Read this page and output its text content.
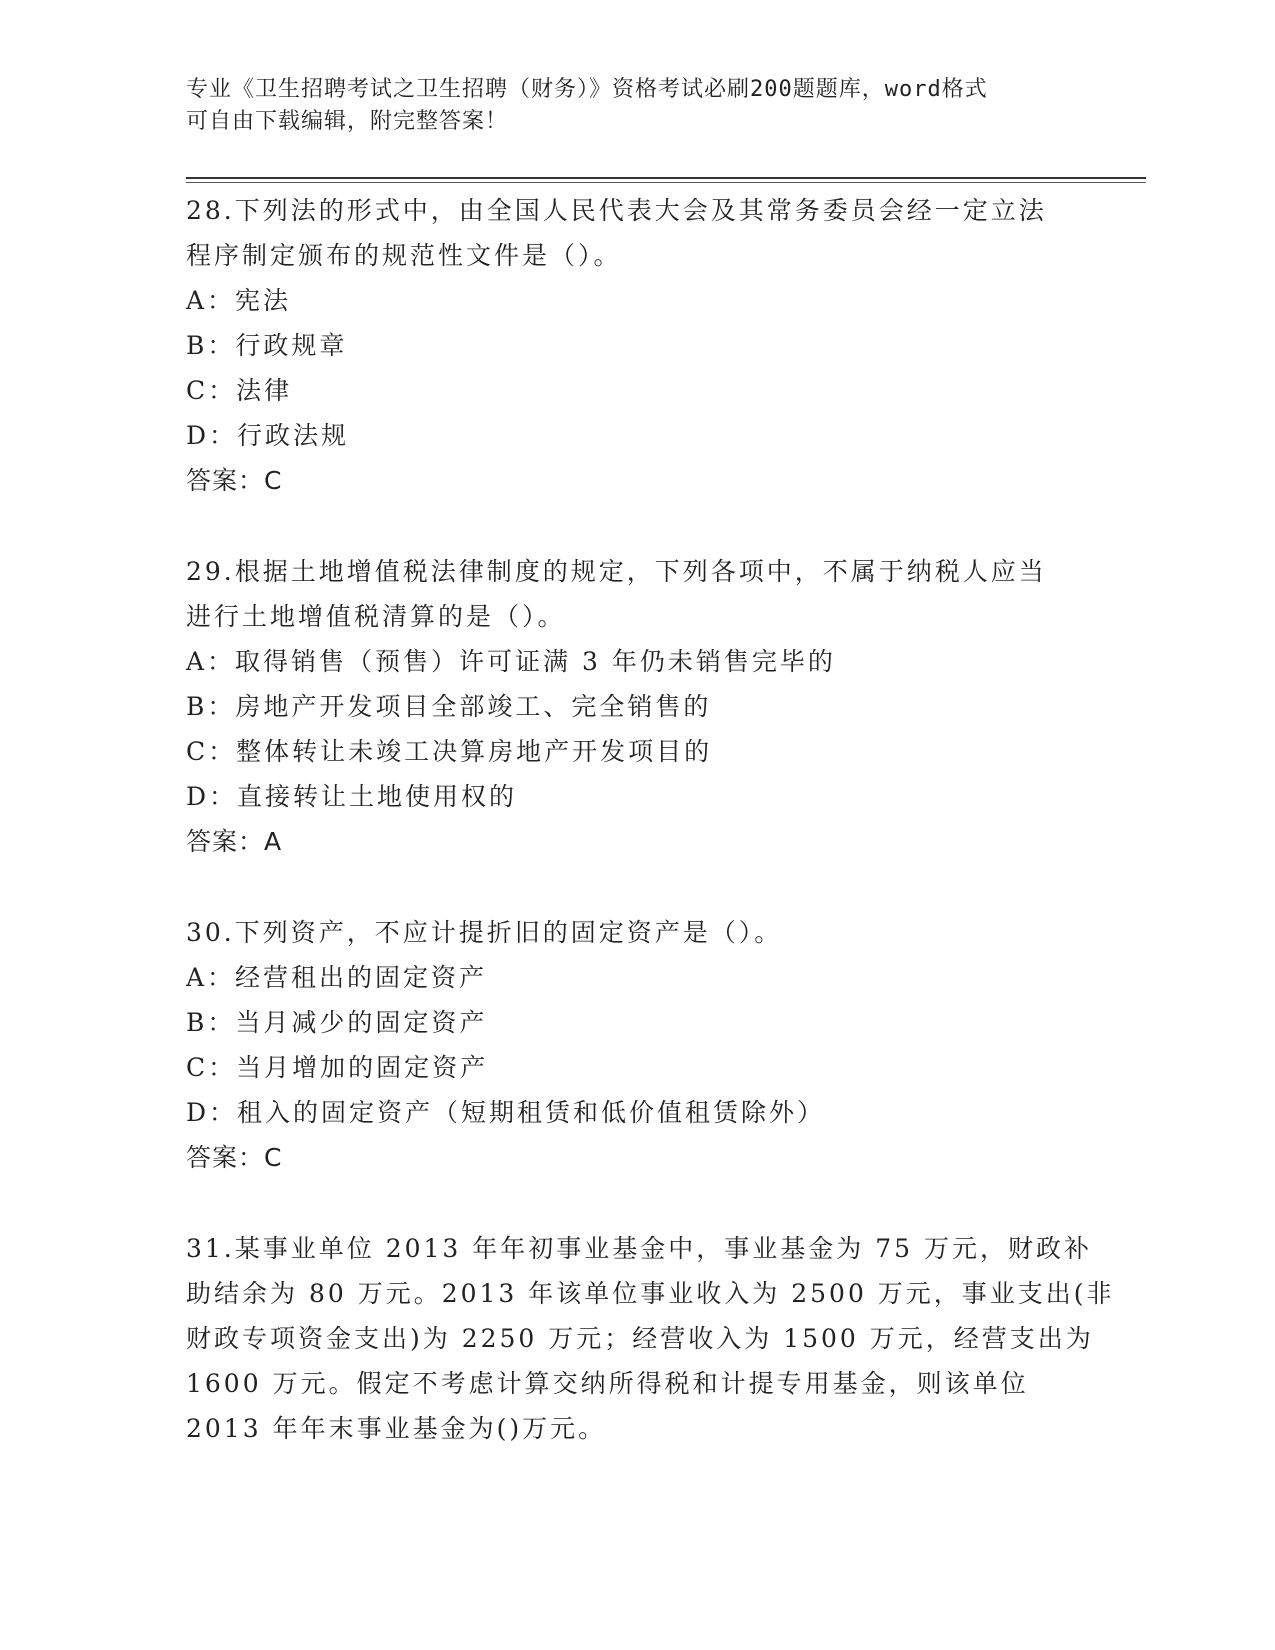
专业《卫生招聘考试之卫生招聘（财务）》资格考试必刷200题题库，word格式
可自由下载编辑，附完整答案！
28.下列法的形式中，由全国人民代表大会及其常务委员会经一定立法
程序制定颁布的规范性文件是（）。
A：宪法
B：行政规章
C：法律
D：行政法规
答案：C
29.根据土地增值税法律制度的规定，下列各项中，不属于纳税人应当
进行土地增值税清算的是（）。
A：取得销售（预售）许可证满 3 年仍未销售完毕的
B：房地产开发项目全部竣工、完全销售的
C：整体转让未竣工决算房地产开发项目的
D：直接转让土地使用权的
答案：A
30.下列资产，不应计提折旧的固定资产是（）。
A：经营租出的固定资产
B：当月减少的固定资产
C：当月增加的固定资产
D：租入的固定资产（短期租赁和低价值租赁除外）
答案：C
31.某事业单位 2013 年年初事业基金中，事业基金为 75 万元，财政补
助结余为 80 万元。2013 年该单位事业收入为 2500 万元，事业支出(非
财政专项资金支出)为 2250 万元；经营收入为 1500 万元，经营支出为
1600 万元。假定不考虑计算交纳所得税和计提专用基金，则该单位
2013 年年末事业基金为()万元。
